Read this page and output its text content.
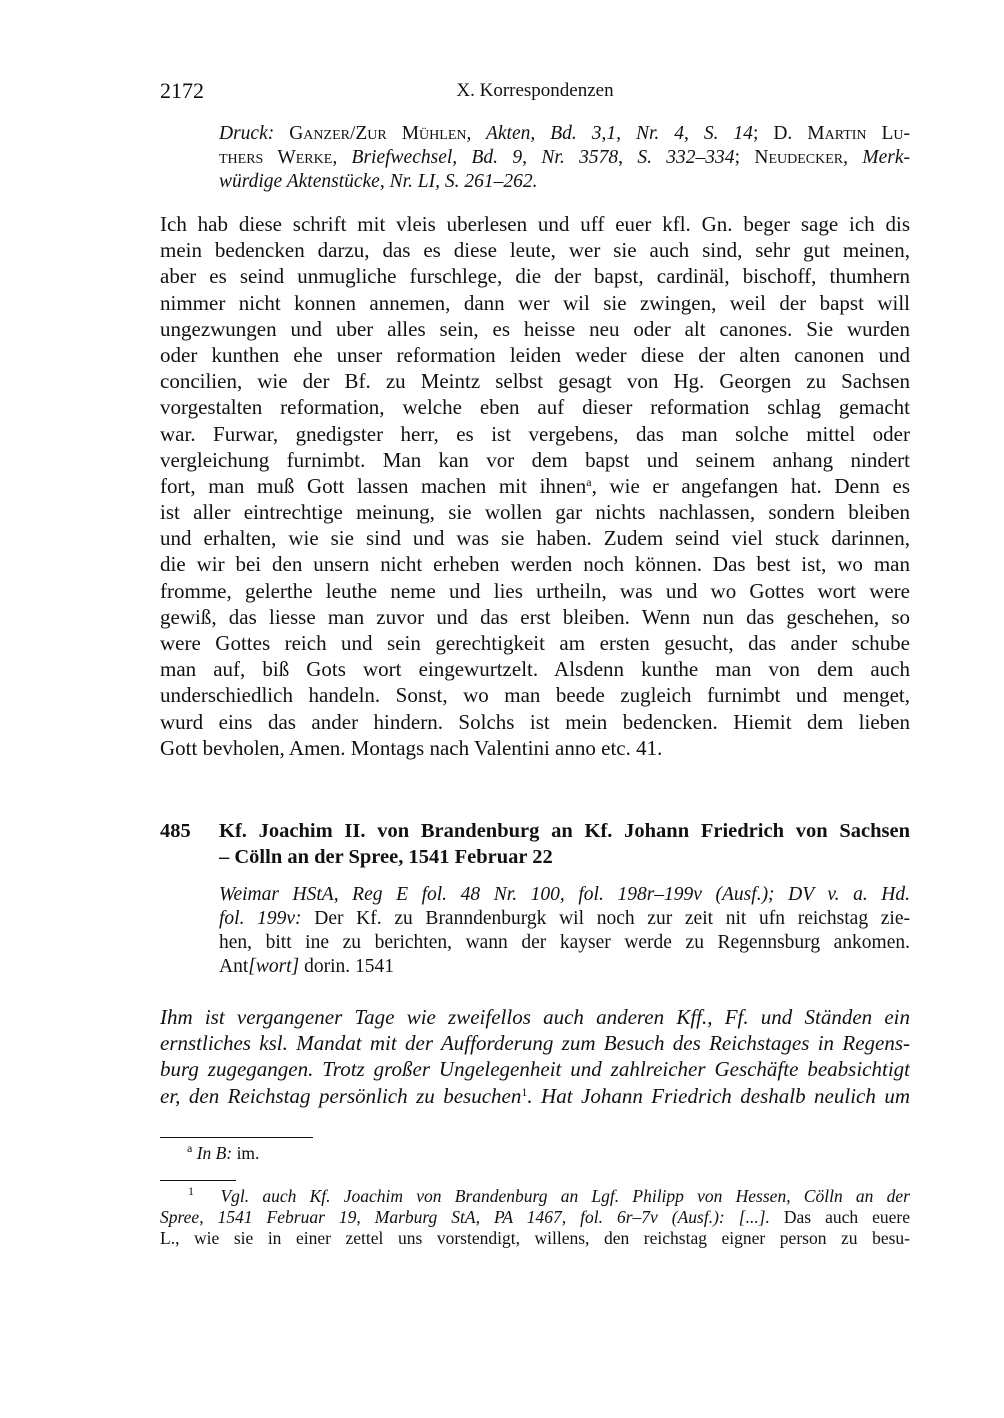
2172	X. Korrespondenzen
Druck: Ganzer/Zur Mühlen, Akten, Bd. 3,1, Nr. 4, S. 14; D. Martin Lu-
thers Werke, Briefwechsel, Bd. 9, Nr. 3578, S. 332–334; Neudecker, Merk-
würdige Aktenstücke, Nr. LI, S. 261–262.
Ich hab diese schrift mit vleis uberlesen und uff euer kfl. Gn. beger sage ich dis
mein bedencken darzu, das es diese leute, wer sie auch sind, sehr gut meinen,
aber es seind unmugliche furschlege, die der bapst, cardinäl, bischoff, thumhern
nimmer nicht konnen annemen, dann wer wil sie zwingen, weil der bapst will
ungezwungen und uber alles sein, es heisse neu oder alt canones. Sie wurden
oder kunthen ehe unser reformation leiden weder diese der alten canonen und
concilien, wie der Bf. zu Meintz selbst gesagt von Hg. Georgen zu Sachsen
vorgestalten reformation, welche eben auf dieser reformation schlag gemacht
war. Furwar, gnedigster herr, es ist vergebens, das man solche mittel oder
vergleichung furnimbt. Man kan vor dem bapst und seinem anhang nindert
fort, man muß Gott lassen machen mit ihnen$^a$, wie er angefangen hat. Denn es
ist aller eintrechtige meinung, sie wollen gar nichts nachlassen, sondern bleiben
und erhalten, wie sie sind und was sie haben. Zudem seind viel stuck darinnen,
die wir bei den unsern nicht erheben werden noch können. Das best ist, wo man
fromme, gelerthe leuthe neme und lies urtheiln, was und wo Gottes wort were
gewiß, das liesse man zuvor und das erst bleiben. Wenn nun das geschehen, so
were Gottes reich und sein gerechtigkeit am ersten gesucht, das ander schube
man auf, biß Gots wort eingewurtzelt. Alsdenn kunthe man von dem auch
underschiedlich handeln. Sonst, wo man beede zugleich furnimbt und menget,
wurd eins das ander hindern. Solchs ist mein bedencken. Hiemit dem lieben
Gott bevholen, Amen. Montags nach Valentini anno etc. 41.
485 Kf. Joachim II. von Brandenburg an Kf. Johann Friedrich von Sachsen
– Cölln an der Spree, 1541 Februar 22
Weimar HStA, Reg E fol. 48 Nr. 100, fol. 198r–199v (Ausf.); DV v. a. Hd.
fol. 199v: Der Kf. zu Branndenburgk wil noch zur zeit nit ufn reichstag zie-
hen, bitt ine zu berichten, wann der kayser werde zu Regennsburg ankomen.
Ant[wort] dorin. 1541
Ihm ist vergangener Tage wie zweifellos auch anderen Kff., Ff. und Ständen ein
ernstliches ksl. Mandat mit der Aufforderung zum Besuch des Reichstages in Regens-
burg zugegangen. Trotz großer Ungelegenheit und zahlreicher Geschäfte beabsichtigt
er, den Reichstag persönlich zu besuchen$^1$. Hat Johann Friedrich deshalb neulich um
$^a$ In B: im.
$^1$ Vgl. auch Kf. Joachim von Brandenburg an Lgf. Philipp von Hessen, Cölln an der
Spree, 1541 Februar 19, Marburg StA, PA 1467, fol. 6r–7v (Ausf.): [...]. Das auch euere
L., wie sie in einer zettel uns vorstendigt, willens, den reichstag eigner person zu besu-
